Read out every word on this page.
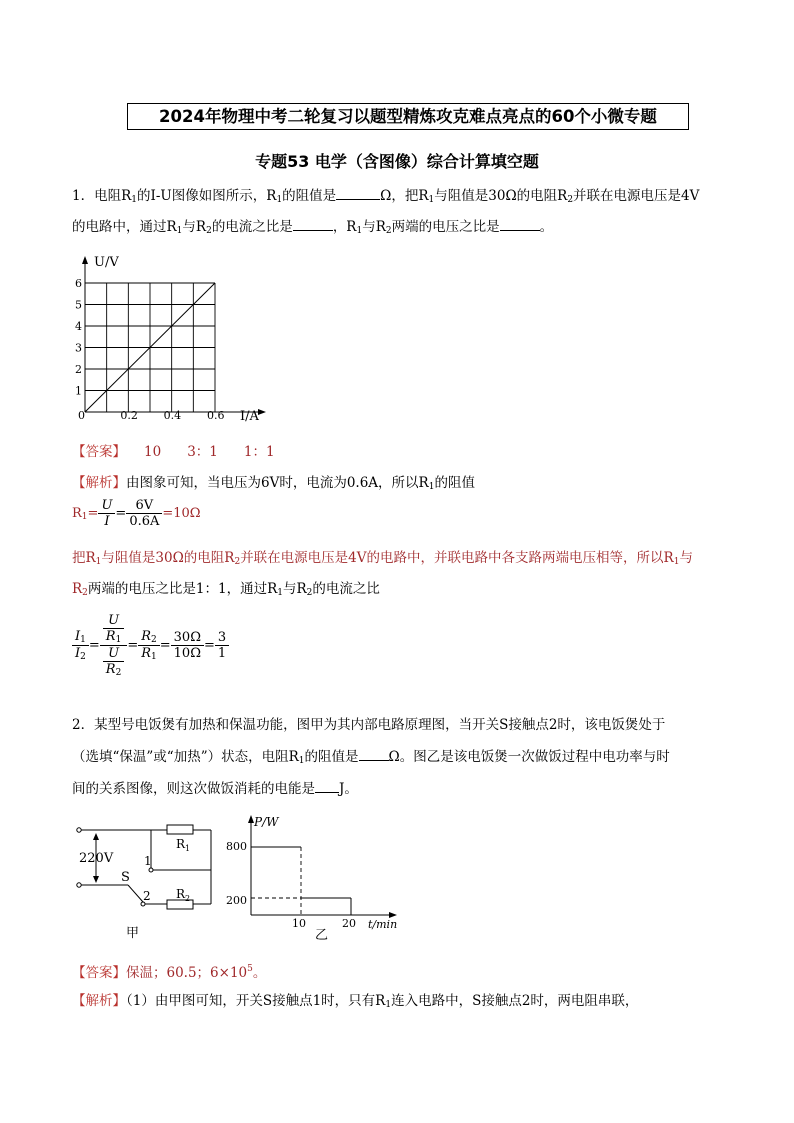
2024年物理中考二轮复习以题型精炼攻克难点亮点的60个小微专题
专题53 电学（含图像）综合计算填空题
1．电阻$R_1$的I-U图像如图所示，$R_1$的阻值是	Ω，把$R_1$与阻值是30Ω的电阻$R_2$并联在电源电压是4V
的电路中，通过$R_1$与$R_2$的电流之比是	，$R_1$与$R_2$两端的电压之比是	。
U/V
I/A
6
5
4
3
2
1
0	0.2 0.4 0.6
【答案】 10 3：1 1：1
【解析】由图象可知，当电压为6V时，电流为0.6A，所以$R_1$的阻值
$R_1= \frac{U}{I} = \frac{6V}{0.6A} =10\Omega$
把$R_1$与阻值是30Ω的电阻$R_2$并联在电源电压是4V的电路中，并联电路中各支路两端电压相等，所以$R_1$与
$R_2$两端的电压之比是1：1，通过$R_1$与$R_2$的电流之比
$\frac{I_1}{I_2} = \frac{\frac{U}{R_1}}{\frac{U}{R_2}} = \frac{R_2}{R_1} = \frac{30\Omega}{10\Omega} = \frac{3}{1}$
2．某型号电饭煲有加热和保温功能，图甲为其内部电路原理图，当开关S接触点2时，该电饭煲处于
（选填“保温”或“加热”）状态，电阻$R_1$的阻值是 Ω。图乙是该电饭煲一次做饭过程中电功率与时
间的关系图像，则这次做饭消耗的电能是 J。
220V
S
1
2
$R_1$
$R_2$
甲
P/W
800
200
10	20 t/min
乙
【答案】保温；60.5；$6\times 10^5$。
【解析】（1）由甲图可知，开关S接触点1时，只有$R_1$连入电路中，S接触点2时，两电阻串联，
